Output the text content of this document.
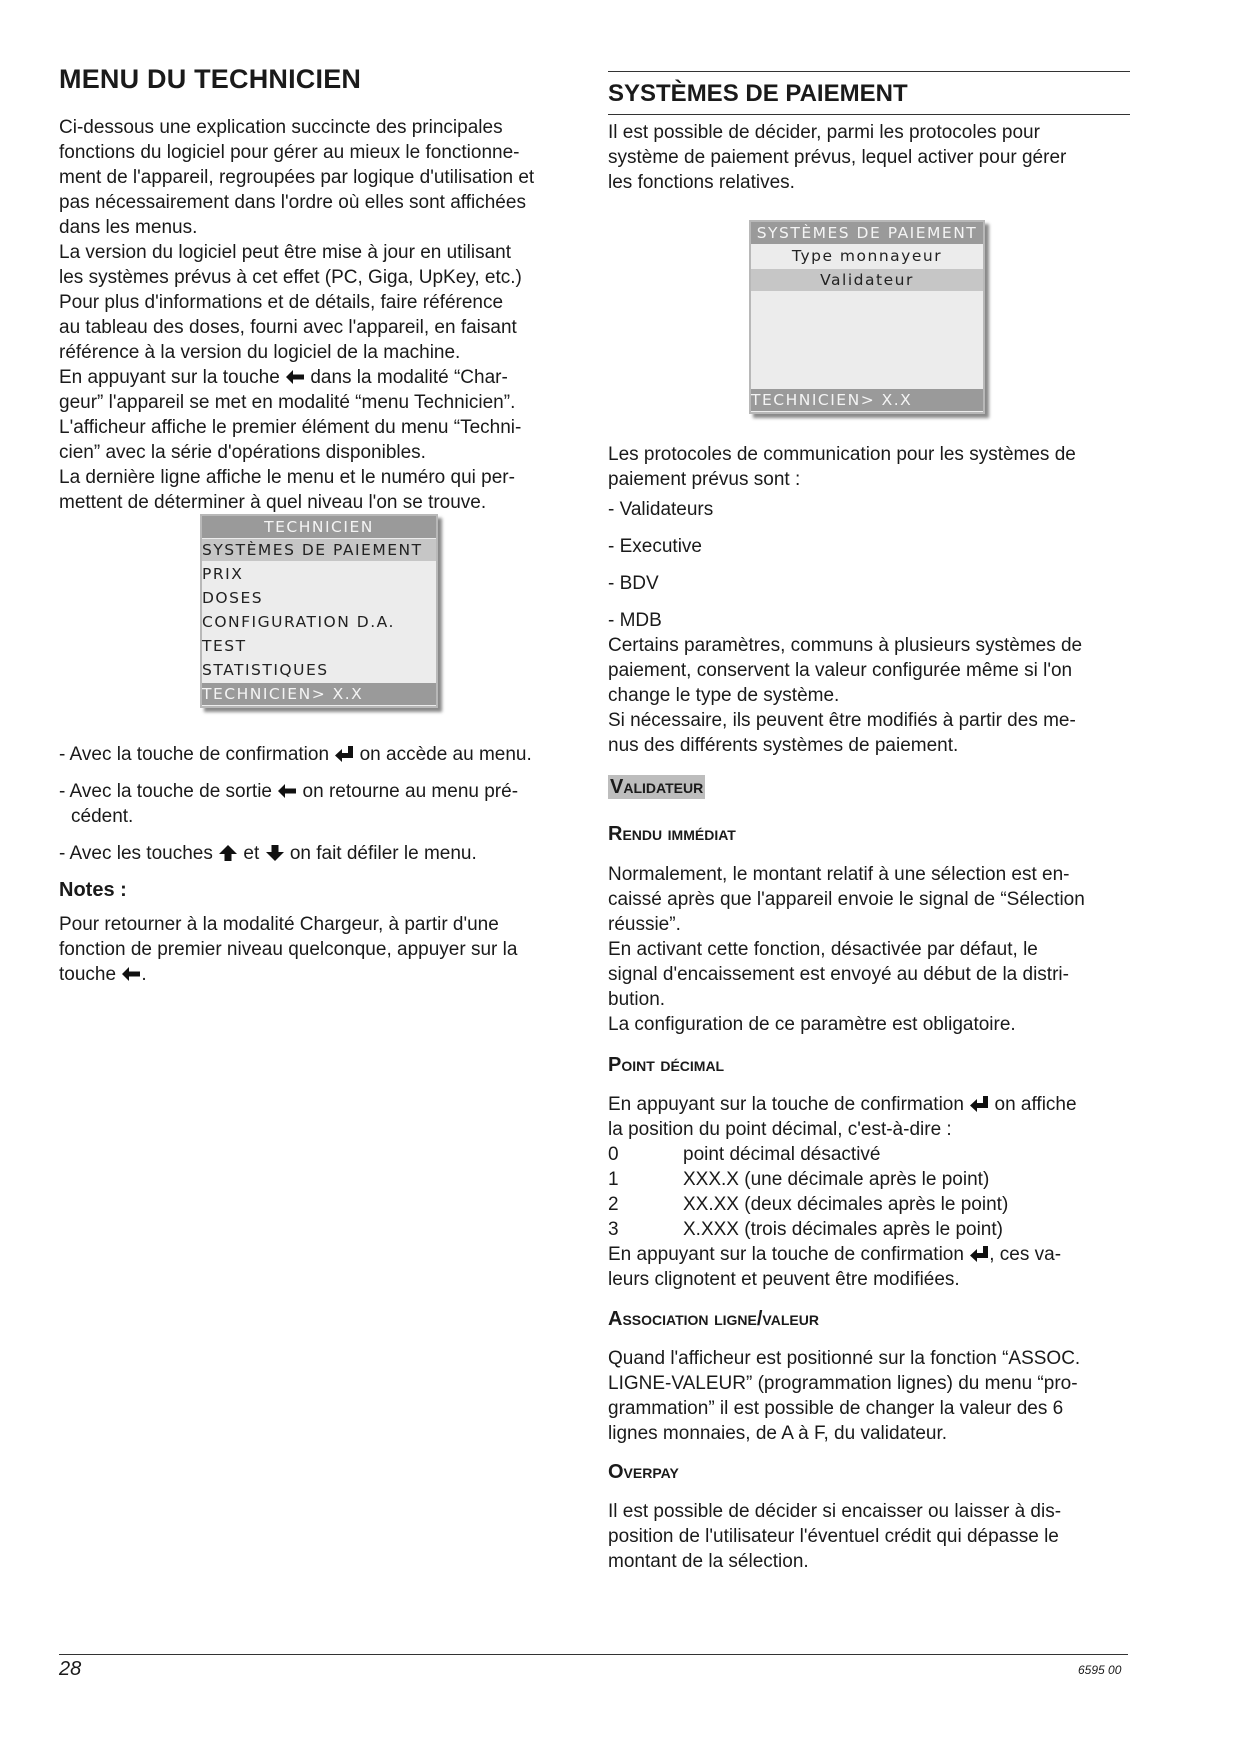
MENU DU TECHNICIEN

Ci-dessous une explication succincte des principales

fonctions du logiciel pour gérer au mieux le fonctionne-

ment de l'appareil, regroupées par logique d'utilisation et

pas nécessairement dans l'ordre où elles sont affichées

dans les menus.

La version du logiciel peut être mise à jour en utilisant

les systèmes prévus à cet effet (PC, Giga, UpKey, etc.)

Pour plus d'informations et de détails, faire référence

au tableau des doses, fourni avec l'appareil, en faisant

référence à la version du logiciel de la machine.

En appuyant sur la touche  dans la modalité “Char-

geur” l'appareil se met en modalité “menu Technicien”.

L'afficheur affiche le premier élément du menu “Techni-

cien” avec la série d'opérations disponibles.

La dernière ligne affiche le menu et le numéro qui per-

mettent de déterminer à quel niveau l'on se trouve.

TECHNICIEN
SYSTÈMES DE PAIEMENT
PRIX
DOSES
CONFIGURATION D.A.
TEST
STATISTIQUES
TECHNICIEN> X.X

- Avec la touche de confirmation  on accède au menu.

- Avec la touche de sortie  on retourne au menu pré-

cédent.

- Avec les touches  et  on fait défiler le menu.

Notes :

Pour retourner à la modalité Chargeur, à partir d'une

fonction de premier niveau quelconque, appuyer sur la

touche .

SYSTÈMES DE PAIEMENT

Il est possible de décider, parmi les protocoles pour

système de paiement prévus, lequel activer pour gérer

les fonctions relatives.

SYSTÈMES DE PAIEMENT
Type monnayeur
Validateur
TECHNICIEN> X.X

Les protocoles de communication pour les systèmes de

paiement prévus sont :

- Validateurs

- Executive

- BDV

- MDB

Certains paramètres, communs à plusieurs systèmes de

paiement, conservent la valeur configurée même si l'on

change le type de système.

Si nécessaire, ils peuvent être modifiés à partir des me-

nus des différents systèmes de paiement.

Validateur
Rendu immédiat

Normalement, le montant relatif à une sélection est en-

caissé après que l'appareil envoie le signal de “Sélection

réussie”.

En activant cette fonction, désactivée par défaut, le

signal d'encaissement est envoyé au début de la distri-

bution.

La configuration de ce paramètre est obligatoire.

Point décimal

En appuyant sur la touche de confirmation  on affiche

la position du point décimal, c'est-à-dire :

0	point décimal désactivé
1	XXX.X (une décimale après le point)
2	XX.XX (deux décimales après le point)
3	X.XXX (trois décimales après le point)

En appuyant sur la touche de confirmation , ces va-

leurs clignotent et peuvent être modifiées.

Association ligne/valeur

Quand l'afficheur est positionné sur la fonction “ASSOC.

LIGNE-VALEUR” (programmation lignes) du menu “pro-

grammation” il est possible de changer la valeur des 6

lignes monnaies, de A à F, du validateur.

Overpay

Il est possible de décider si encaisser ou laisser à dis-

position de l'utilisateur l'éventuel crédit qui dépasse le

montant de la sélection.

28	6595 00
